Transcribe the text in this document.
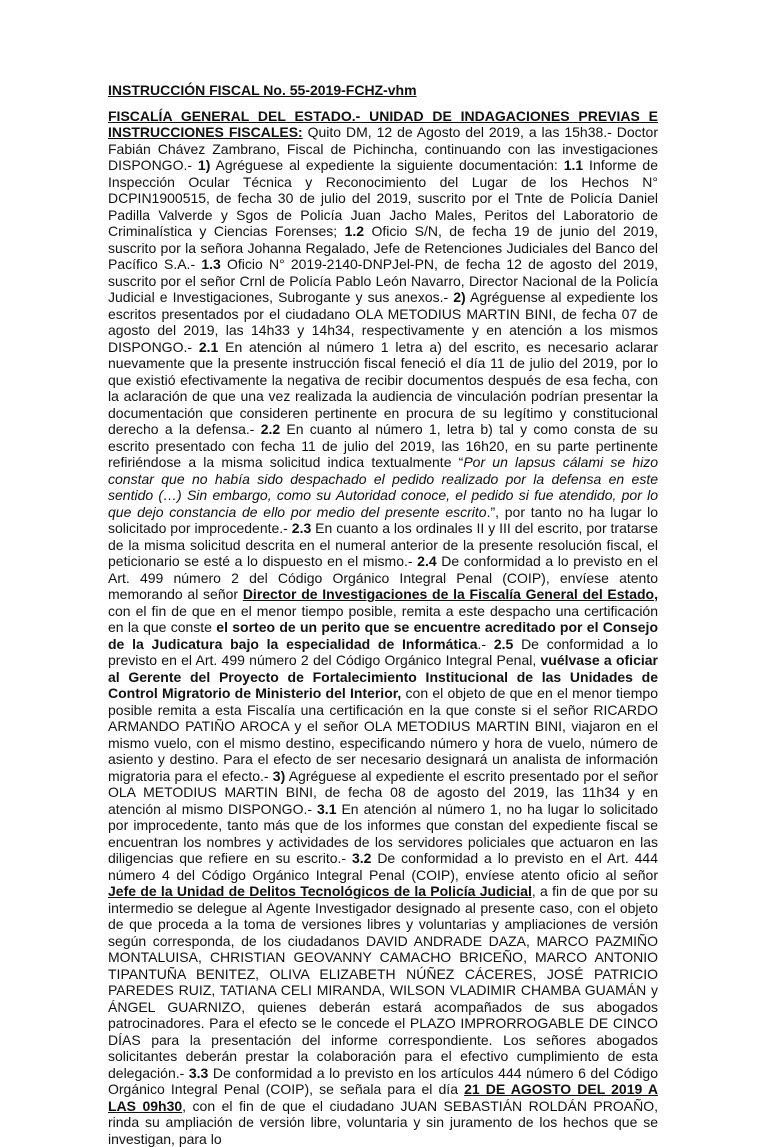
INSTRUCCIÓN FISCAL No. 55-2019-FCHZ-vhm

FISCALÍA GENERAL DEL ESTADO.- UNIDAD DE INDAGACIONES PREVIAS E INSTRUCCIONES FISCALES: Quito DM, 12 de Agosto del 2019, a las 15h38.- Doctor Fabián Chávez Zambrano, Fiscal de Pichincha, continuando con las investigaciones DISPONGO.- 1) Agréguese al expediente la siguiente documentación: 1.1 Informe de Inspección Ocular Técnica y Reconocimiento del Lugar de los Hechos N° DCPIN1900515, de fecha 30 de julio del 2019, suscrito por el Tnte de Policía Daniel Padilla Valverde y Sgos de Policía Juan Jacho Males, Peritos del Laboratorio de Criminalística y Ciencias Forenses; 1.2 Oficio S/N, de fecha 19 de junio del 2019, suscrito por la señora Johanna Regalado, Jefe de Retenciones Judiciales del Banco del Pacífico S.A.- 1.3 Oficio N° 2019-2140-DNPJel-PN, de fecha 12 de agosto del 2019, suscrito por el señor Crnl de Policía Pablo León Navarro, Director Nacional de la Policía Judicial e Investigaciones, Subrogante y sus anexos.- 2) Agréguense al expediente los escritos presentados por el ciudadano OLA METODIUS MARTIN BINI, de fecha 07 de agosto del 2019, las 14h33 y 14h34, respectivamente y en atención a los mismos DISPONGO.- 2.1 En atención al número 1 letra a) del escrito, es necesario aclarar nuevamente que la presente instrucción fiscal feneció el día 11 de julio del 2019, por lo que existió efectivamente la negativa de recibir documentos después de esa fecha, con la aclaración de que una vez realizada la audiencia de vinculación podrían presentar la documentación que consideren pertinente en procura de su legítimo y constitucional derecho a la defensa.- 2.2 En cuanto al número 1, letra b) tal y como consta de su escrito presentado con fecha 11 de julio del 2019, las 16h20, en su parte pertinente refiriéndose a la misma solicitud indica textualmente “Por un lapsus cálami se hizo constar que no había sido despachado el pedido realizado por la defensa en este sentido (…) Sin embargo, como su Autoridad conoce, el pedido si fue atendido, por lo que dejo constancia de ello por medio del presente escrito.”, por tanto no ha lugar lo solicitado por improcedente.- 2.3 En cuanto a los ordinales II y III del escrito, por tratarse de la misma solicitud descrita en el numeral anterior de la presente resolución fiscal, el peticionario se esté a lo dispuesto en el mismo.- 2.4 De conformidad a lo previsto en el Art. 499 número 2 del Código Orgánico Integral Penal (COIP), envíese atento memorando al señor Director de Investigaciones de la Fiscalía General del Estado, con el fin de que en el menor tiempo posible, remita a este despacho una certificación en la que conste el sorteo de un perito que se encuentre acreditado por el Consejo de la Judicatura bajo la especialidad de Informática.- 2.5 De conformidad a lo previsto en el Art. 499 número 2 del Código Orgánico Integral Penal, vuélvase a oficiar al Gerente del Proyecto de Fortalecimiento Institucional de las Unidades de Control Migratorio de Ministerio del Interior, con el objeto de que en el menor tiempo posible remita a esta Fiscalía una certificación en la que conste si el señor RICARDO ARMANDO PATIÑO AROCA y el señor OLA METODIUS MARTIN BINI, viajaron en el mismo vuelo, con el mismo destino, especificando número y hora de vuelo, número de asiento y destino. Para el efecto de ser necesario designará un analista de información migratoria para el efecto.- 3) Agréguese al expediente el escrito presentado por el señor OLA METODIUS MARTIN BINI, de fecha 08 de agosto del 2019, las 11h34 y en atención al mismo DISPONGO.- 3.1 En atención al número 1, no ha lugar lo solicitado por improcedente, tanto más que de los informes que constan del expediente fiscal se encuentran los nombres y actividades de los servidores policiales que actuaron en las diligencias que refiere en su escrito.- 3.2 De conformidad a lo previsto en el Art. 444 número 4 del Código Orgánico Integral Penal (COIP), envíese atento oficio al señor Jefe de la Unidad de Delitos Tecnológicos de la Policía Judicial, a fin de que por su intermedio se delegue al Agente Investigador designado al presente caso, con el objeto de que proceda a la toma de versiones libres y voluntarias y ampliaciones de versión según corresponda, de los ciudadanos DAVID ANDRADE DAZA, MARCO PAZMIÑO MONTALUISA, CHRISTIAN GEOVANNY CAMACHO BRICEÑO, MARCO ANTONIO TIPANTUÑA BENITEZ, OLIVA ELIZABETH NÚÑEZ CÁCERES, JOSÉ PATRICIO PAREDES RUIZ, TATIANA CELI MIRANDA, WILSON VLADIMIR CHAMBA GUAMÁN y ÁNGEL GUARNIZO, quienes deberán estará acompañados de sus abogados patrocinadores. Para el efecto se le concede el PLAZO IMPRORROGABLE DE CINCO DÍAS para la presentación del informe correspondiente. Los señores abogados solicitantes deberán prestar la colaboración para el efectivo cumplimiento de esta delegación.- 3.3 De conformidad a lo previsto en los artículos 444 número 6 del Código Orgánico Integral Penal (COIP), se señala para el día 21 DE AGOSTO DEL 2019 A LAS 09h30, con el fin de que el ciudadano JUAN SEBASTIÁN ROLDÁN PROAÑO, rinda su ampliación de versión libre, voluntaria y sin juramento de los hechos que se investigan, para lo
